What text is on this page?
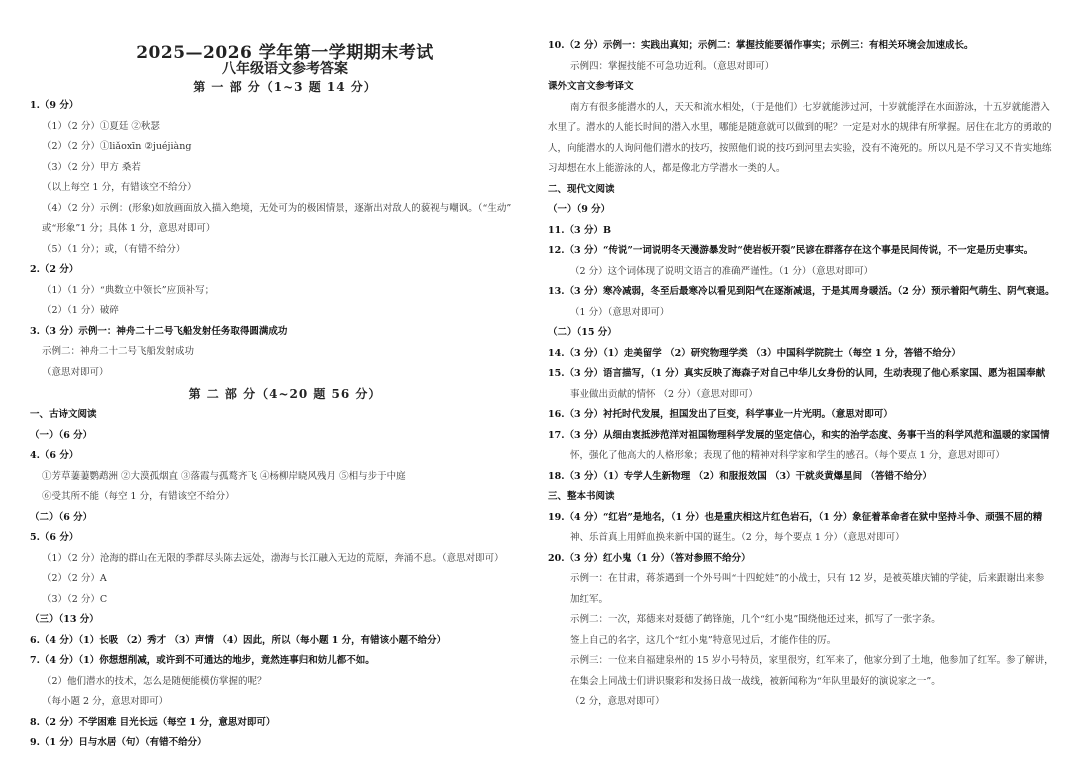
2025—2026 学年第一学期期末考试
八年级语文参考答案
第 一 部 分（1~3 题 14 分）
1.（9 分）
（1）（2 分）①夏廷 ②秋瑟
（2）（2 分）①liǎoxīn ②juéjiàng
（3）（2 分）甲方 桑若
（以上每空 1 分，有错该空不给分）
（4）（2 分）示例：(形象)如放画面放入描入绝境，无处可为的极困情景，逐渐出对敌人的藐视与嘲讽。（“生动”
或“形象”1 分；具体 1 分，意思对即可）
（5）（1 分）；或，（有错不给分）
2.（2 分）
（1）（1 分）“典数立中领长”应顶补写；
（2）（1 分）破碎
3.（3 分）示例一：神舟二十二号飞船发射任务取得圆满成功
示例二：神舟二十二号飞船发射成功
（意思对即可）
第 二 部 分（4~20 题 56 分）
一、古诗文阅读
（一）（6 分）
4.（6 分）
①芳草萋萋鹦鹉洲 ②大漠孤烟直 ③落霞与孤鹜齐飞 ④杨柳岸晓风残月 ⑤相与步于中庭
⑥受其所不能（每空 1 分，有错该空不给分）
（二）（6 分）
5.（6 分）
（1）（2 分）沧海的群山在无限的季群尽头陈去远处，渤海与长江融入无边的荒原，奔涌不息。（意思对即可）
（2）（2 分）A
（3）（2 分）C
（三）（13 分）
6.（4 分）（1）长吸 （2）秀才 （3）声情 （4）因此，所以（每小题 1 分，有错该小题不给分）
7.（4 分）（1）你想想削减，或许到不可通达的地步，竟然连事归和妨儿都不如。
（2）他们潜水的技术，怎么是随便能模仿掌握的呢？
（每小题 2 分，意思对即可）
8.（2 分）不学困难 目光长远（每空 1 分，意思对即可）
9.（1 分）日与水居（句）（有错不给分）
10.（2 分）示例一：实践出真知；示例二：掌握技能要循作事实；示例三：有相关环境会加速成长。
示例四：掌握技能不可急功近利。（意思对即可）
课外文言文参考译文
南方有很多能潜水的人，天天和流水相处，（于是他们）七岁就能涉过河，十岁就能浮在水面游泳，十五岁就能潜入水里了。潜水的人能长时间的潜入水里，哪能是随意就可以做到的呢？一定是对水的规律有所掌握。居住在北方的勇敢的人，向能潜水的人询问他们潜水的技巧，按照他们说的技巧到河里去实验，没有不淹死的。所以凡是不学习又不肯实地练习却想在水上能游泳的人，都是像北方学潜水一类的人。
二、现代文阅读
（一）（9 分）
11.（3 分）B
12.（3 分）“传说”一词说明冬天漫游暴发时“使岩板开裂”民谚在群落存在这个事是民间传说，不一定是历史事实。
（2 分）这个词体现了说明文语言的准确严谨性。（1 分）（意思对即可）
13.（3 分）寒冷减弱，冬至后最寒冷以看见到阳气在逐渐减退，于是其周身暖活。（2 分）预示着阳气萌生、阴气衰退。
（1 分）（意思对即可）
（二）（15 分）
14.（3 分）（1）走美留学 （2）研究物理学类 （3）中国科学院院士（每空 1 分，答错不给分）
15.（3 分）语言描写，（1 分）真实反映了海森子对自己中华儿女身份的认同，生动表现了他心系家国、愿为祖国奉献
事业做出贡献的情怀 （2 分）（意思对即可）
16.（3 分）衬托时代发展，担国发出了巨变，科学事业一片光明。（意思对即可）
17.（3 分）从细由衷抵涉范洋对祖国物理科学发展的坚定信心，和实的治学态度、务事干当的科学风范和温暖的家国情
怀，强化了他高大的人格形象；表现了他的精神对科学家和学生的感召。（每个要点 1 分，意思对即可）
18.（3 分）（1）专学人生新物理 （2）和服报效国 （3）干就炎黄爆星间 （答错不给分）
三、整本书阅读
19.（4 分）“红岩”是地名，（1 分）也是重庆相这片红色岩石，（1 分）象征着革命者在狱中坚持斗争、顽强不屈的精
神、乐首真上用鲜血换来新中国的诞生。（2 分，每个要点 1 分）（意思对即可）
20.（3 分）红小鬼（1 分）（答对参照不给分）
示例一：在甘肃，蒋茶遇到一个外号叫“十四蛇娃”的小战士，只有 12 岁，是被英雄庆铺的学徒，后来跟谢出来参
加红军。
示例二：一次，郑德来对聂德了鹤锋施，几个“红小鬼”围绕他还过来，抓写了一张字条。
签上自己的名字，这几个“红小鬼”特意见过后，才能作佳的厉。
示例三：一位来自福建泉州的 15 岁小号特员，家里很穷，红军来了，他家分到了土地，他参加了红军。参了解讲，
在集会上同战士们讲识聚彩和发扬日战一战线，被新闻称为“年队里最好的演说家之一”。
（2 分，意思对即可）
